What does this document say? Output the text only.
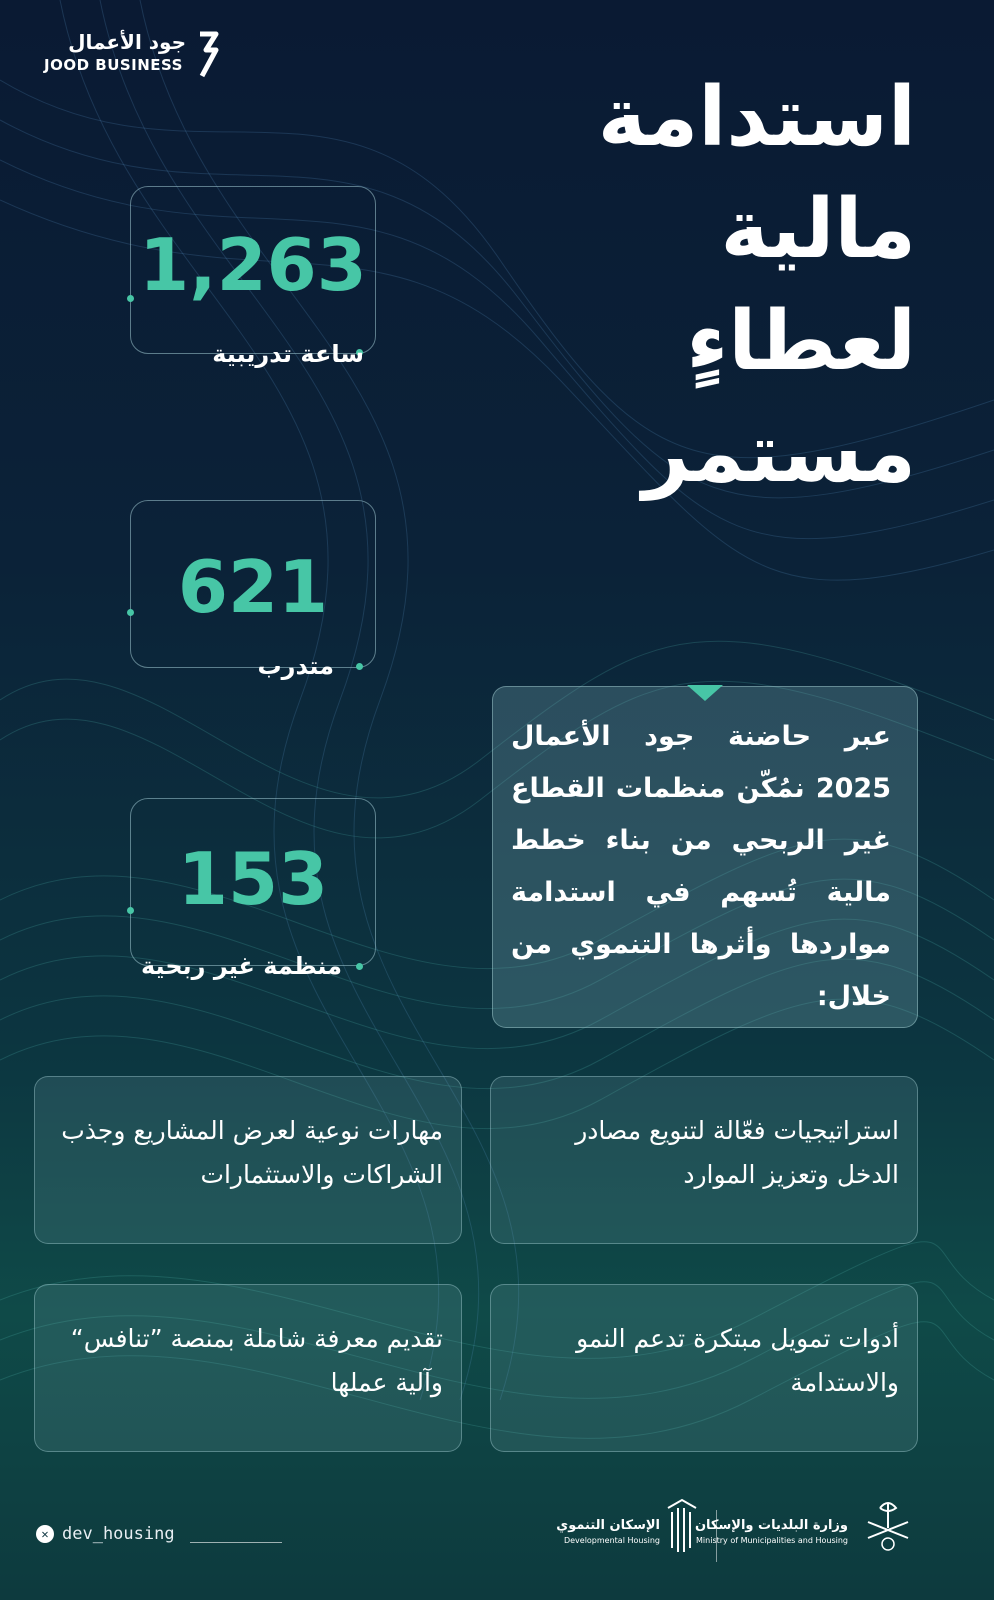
جود الأعمال
JOOD BUSINESS
استدامة
مالية
لعطاءٍ
مستمر
1,263
ساعة تدريبية
621
متدرب
153
منظمة غير ربحية
عبر حاضنة جود الأعمال 2025 نمُكّن منظمات القطاع غير الربحي من بناء خطط مالية تُسهم في استدامة مواردها وأثرها التنموي من خلال:
استراتيجيات فعّالة لتنويع مصادر الدخل وتعزيز الموارد
مهارات نوعية لعرض المشاريع وجذب الشراكات والاستثمارات
أدوات تمويل مبتكرة تدعم النمو والاستدامة
تقديم معرفة شاملة بمنصة ”تنافس“ وآلية عملها
✕ dev_housing	الإسكان التنموي
Developmental Housing
وزارة البلديات والإسكان
Ministry of Municipalities and Housing
